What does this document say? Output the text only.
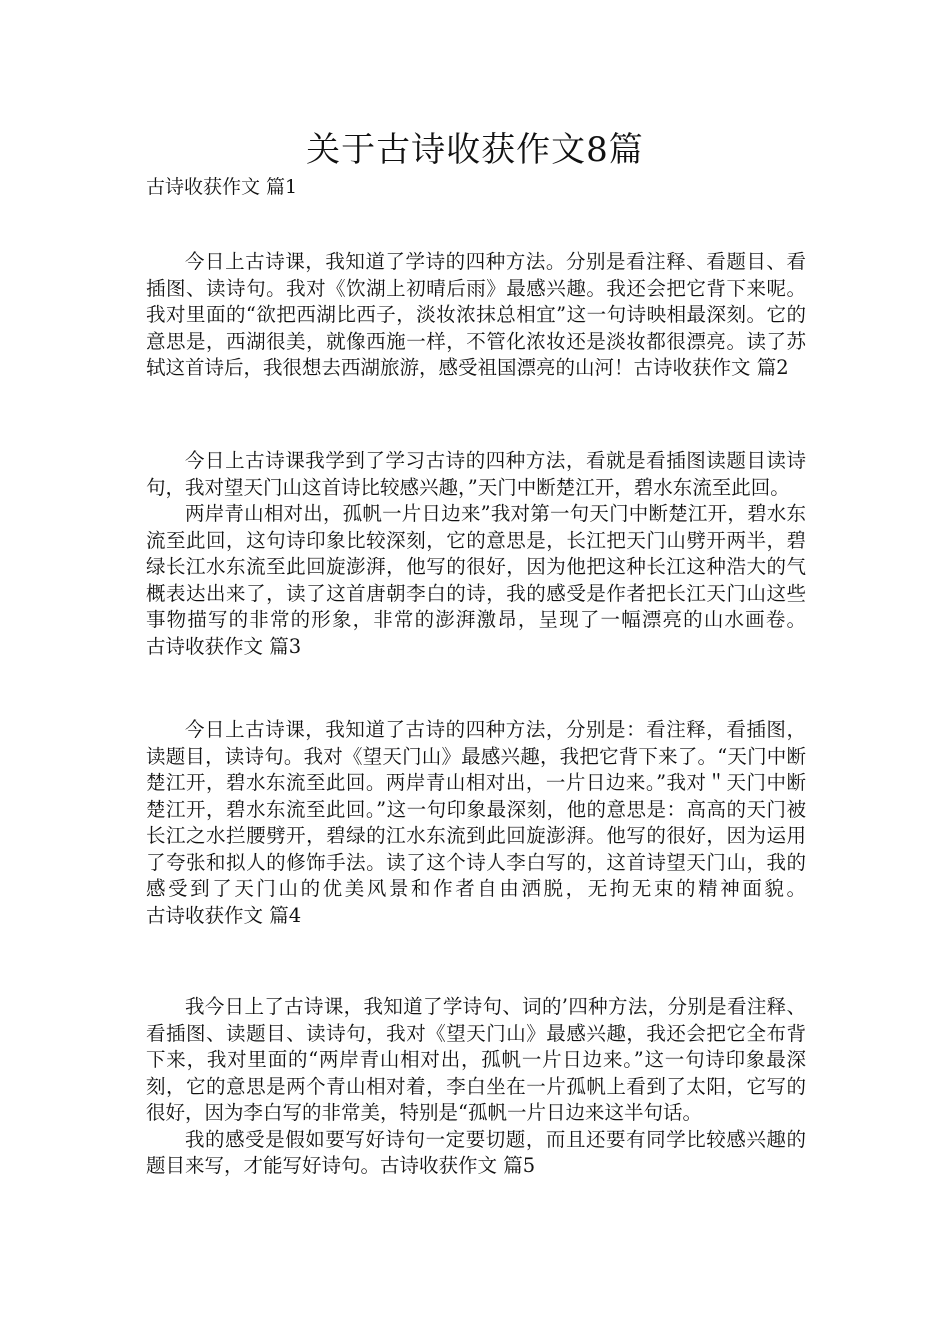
关于古诗收获作文8篇
古诗收获作文 篇1

今日上古诗课，我知道了学诗的四种方法。分别是看注释、看题目、看插图、读诗句。我对《饮湖上初晴后雨》最感兴趣。我还会把它背下来呢。我对里面的“欲把西湖比西子，淡妆浓抹总相宜”这一句诗映相最深刻。它的意思是，西湖很美，就像西施一样，不管化浓妆还是淡妆都很漂亮。读了苏轼这首诗后，我很想去西湖旅游，感受祖国漂亮的山河！古诗收获作文 篇2

今日上古诗课我学到了学习古诗的四种方法，看就是看插图读题目读诗句，我对望天门山这首诗比较感兴趣，”天门中断楚江开，碧水东流至此回。

两岸青山相对出，孤帆一片日边来”我对第一句天门中断楚江开，碧水东流至此回，这句诗印象比较深刻，它的意思是，长江把天门山劈开两半，碧绿长江水东流至此回旋澎湃，他写的很好，因为他把这种长江这种浩大的气概表达出来了，读了这首唐朝李白的诗，我的感受是作者把长江天门山这些事物描写的非常的形象，非常的澎湃激昂，呈现了一幅漂亮的山水画卷。古诗收获作文 篇3

今日上古诗课，我知道了古诗的四种方法，分别是：看注释，看插图，读题目，读诗句。我对《望天门山》最感兴趣，我把它背下来了。“天门中断楚江开，碧水东流至此回。两岸青山相对出，一片日边来。”我对＂天门中断楚江开，碧水东流至此回。”这一句印象最深刻，他的意思是：高高的天门被长江之水拦腰劈开，碧绿的江水东流到此回旋澎湃。他写的很好，因为运用了夸张和拟人的修饰手法。读了这个诗人李白写的，这首诗望天门山，我的感受到了天门山的优美风景和作者自由洒脱，无拘无束的精神面貌。古诗收获作文 篇4

我今日上了古诗课，我知道了学诗句、词的’四种方法，分别是看注释、看插图、读题目、读诗句，我对《望天门山》最感兴趣，我还会把它全布背下来，我对里面的“两岸青山相对出，孤帆一片日边来。”这一句诗印象最深刻，它的意思是两个青山相对着，李白坐在一片孤帆上看到了太阳，它写的很好，因为李白写的非常美，特别是“孤帆一片日边来这半句话。

我的感受是假如要写好诗句一定要切题，而且还要有同学比较感兴趣的题目来写，才能写好诗句。古诗收获作文 篇5
